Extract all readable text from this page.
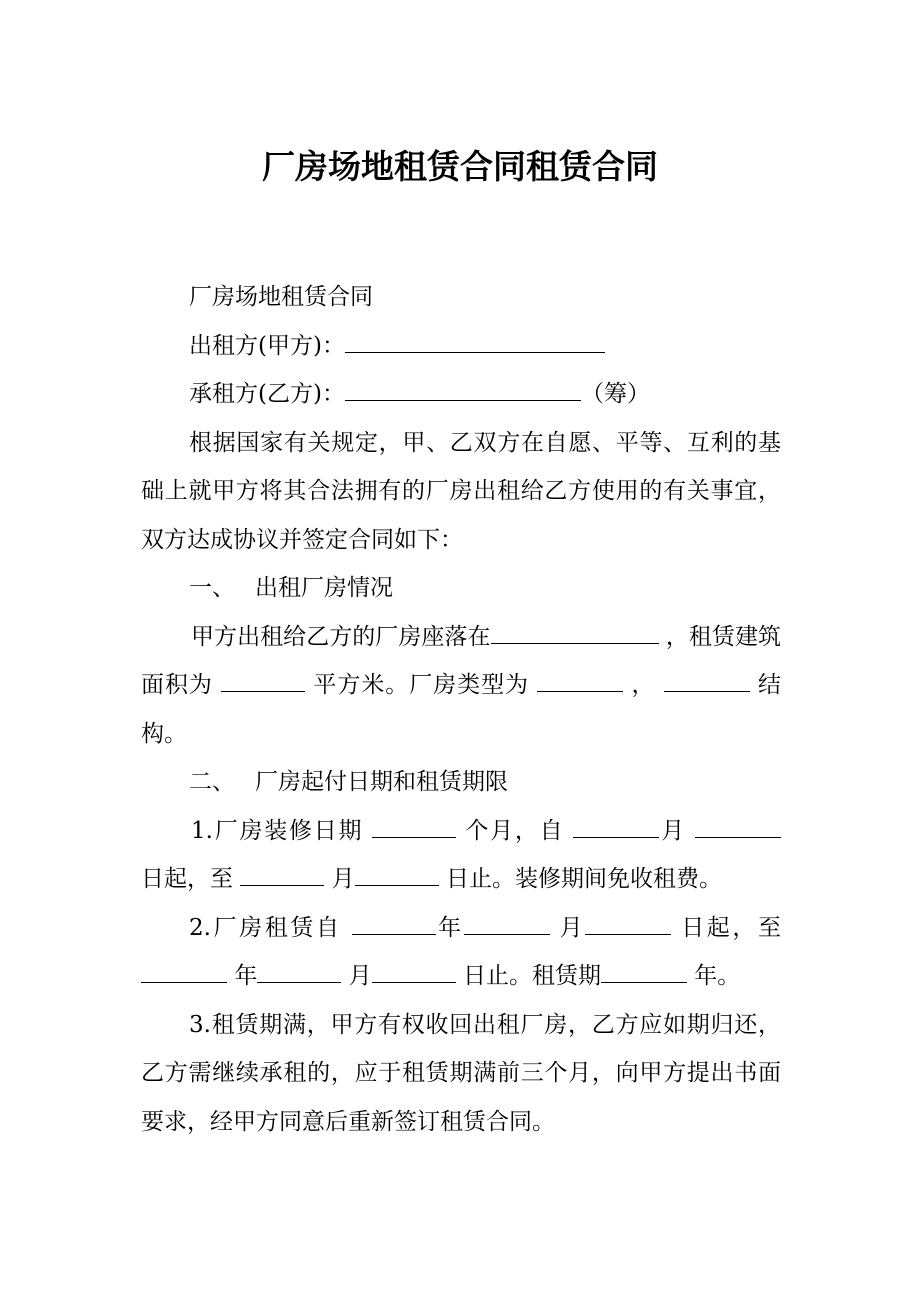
厂房场地租赁合同租赁合同

厂房场地租赁合同

出租方(甲方)：

承租方(乙方)：	（筹）

根据国家有关规定，甲、乙双方在自愿、平等、互利的基础上就甲方将其合法拥有的厂房出租给乙方使用的有关事宜，双方达成协议并签定合同如下：

一、 出租厂房情况

甲方出租给乙方的厂房座落在	，租赁建筑面积为	平方米。厂房类型为	，	结构。

二、 厂房起付日期和租赁期限

1.厂房装修日期	个月，自	月  日起，至	月	日止。装修期间免收租费。

2.厂房租赁自	年	月	日起，至  年	月	日止。租赁期	年。

3.租赁期满，甲方有权收回出租厂房，乙方应如期归还，乙方需继续承租的，应于租赁期满前三个月，向甲方提出书面要求，经甲方同意后重新签订租赁合同。
